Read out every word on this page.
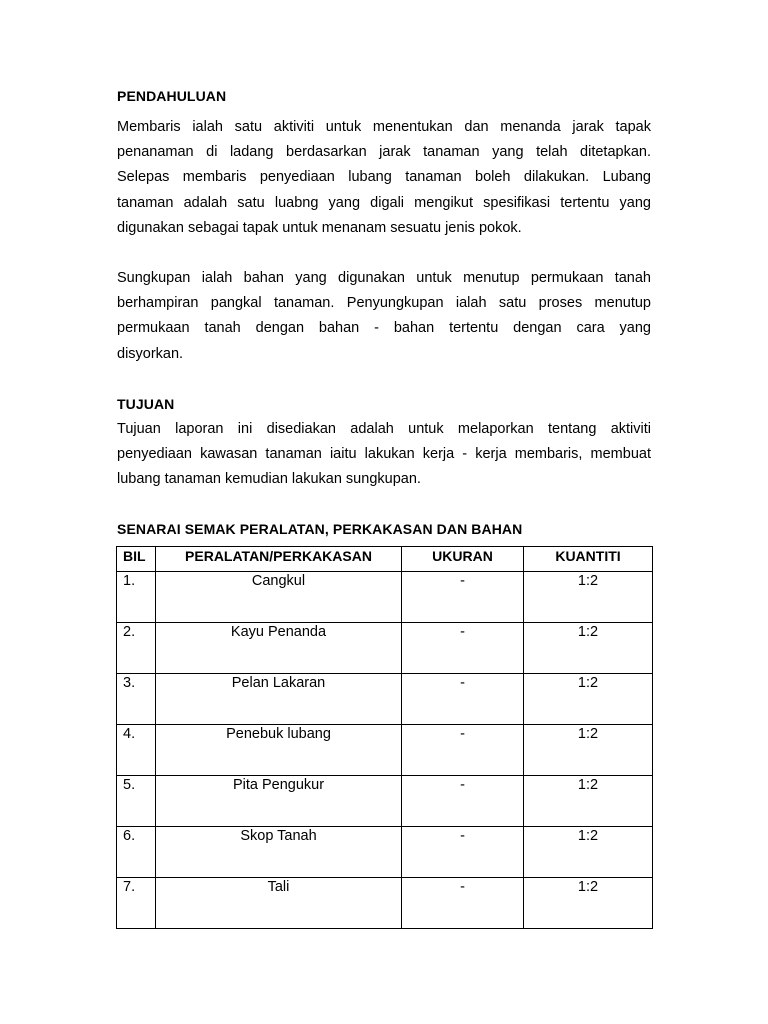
PENDAHULUAN
Membaris ialah satu aktiviti untuk menentukan dan menanda jarak tapak
penanaman di ladang berdasarkan jarak tanaman yang telah ditetapkan.
Selepas membaris penyediaan lubang tanaman boleh dilakukan. Lubang
tanaman adalah satu luabng yang digali mengikut spesifikasi tertentu yang
digunakan sebagai tapak untuk menanam sesuatu jenis pokok.
Sungkupan ialah bahan yang digunakan untuk menutup permukaan tanah
berhampiran pangkal tanaman. Penyungkupan ialah satu proses menutup
permukaan tanah dengan bahan - bahan tertentu dengan cara yang
disyorkan.
TUJUAN
Tujuan laporan ini disediakan adalah untuk melaporkan tentang aktiviti
penyediaan kawasan tanaman iaitu lakukan kerja - kerja membaris, membuat
lubang tanaman kemudian lakukan sungkupan.
SENARAI SEMAK PERALATAN, PERKAKASAN DAN BAHAN
BIL	PERALATAN/PERKAKASAN	UKURAN	KUANTITI
1.	Cangkul	-	1:2
2.	Kayu Penanda	-	1:2
3.	Pelan Lakaran	-	1:2
4.	Penebuk lubang	-	1:2
5.	Pita Pengukur	-	1:2
6.	Skop Tanah	-	1:2
7.	Tali	-	1:2
